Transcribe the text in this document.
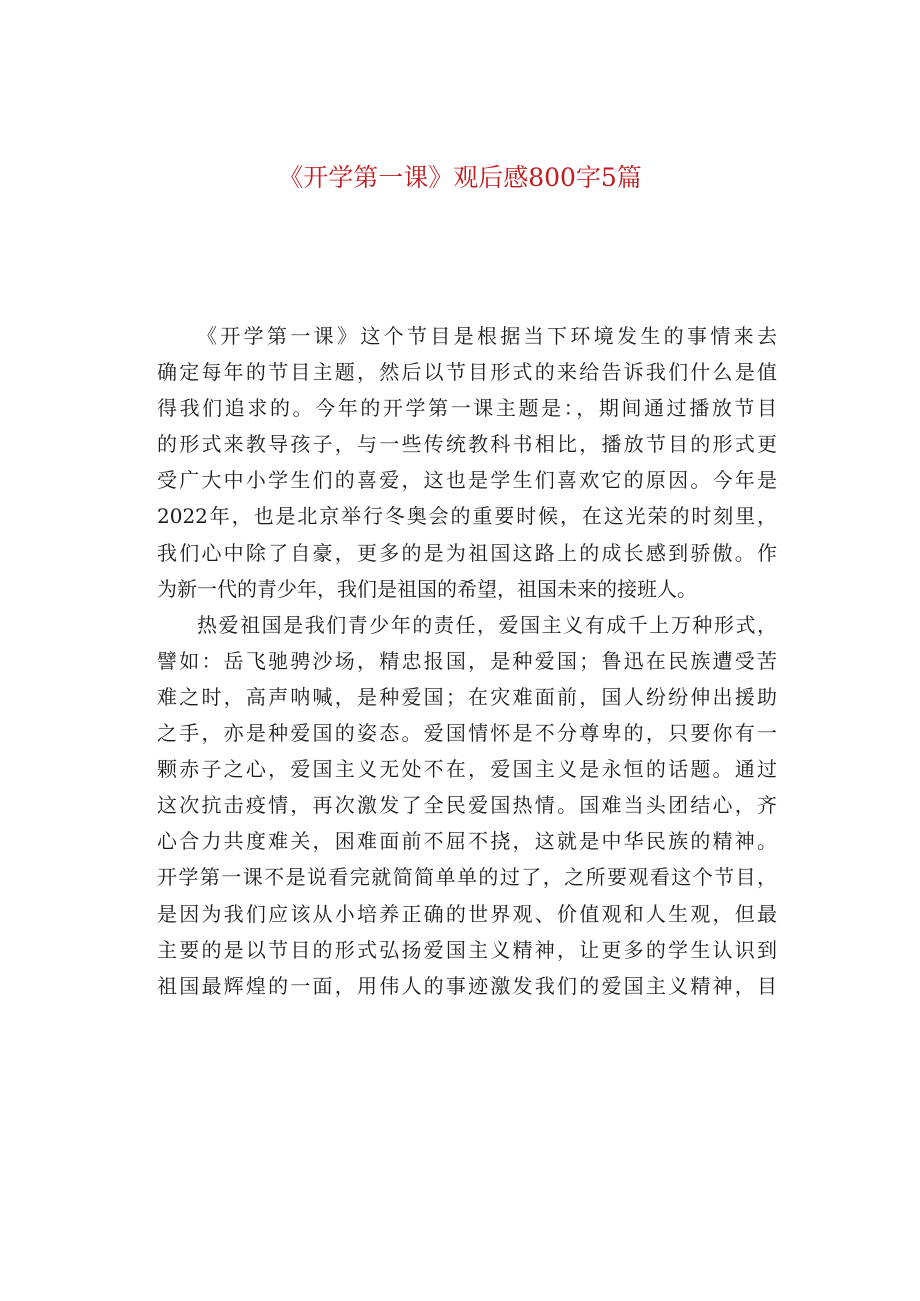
《开学第一课》观后感800字5篇
《开学第一课》这个节目是根据当下环境发生的事情来去
确定每年的节目主题，然后以节目形式的来给告诉我们什么是值
得我们追求的。今年的开学第一课主题是：，期间通过播放节目
的形式来教导孩子，与一些传统教科书相比，播放节目的形式更
受广大中小学生们的喜爱，这也是学生们喜欢它的原因。今年是
2022年，也是北京举行冬奥会的重要时候，在这光荣的时刻里，
我们心中除了自豪，更多的是为祖国这路上的成长感到骄傲。作
为新一代的青少年，我们是祖国的希望，祖国未来的接班人。
热爱祖国是我们青少年的责任，爱国主义有成千上万种形式，
譬如：岳飞驰骋沙场，精忠报国，是种爱国；鲁迅在民族遭受苦
难之时，高声呐喊，是种爱国；在灾难面前，国人纷纷伸出援助
之手，亦是种爱国的姿态。爱国情怀是不分尊卑的，只要你有一
颗赤子之心，爱国主义无处不在，爱国主义是永恒的话题。通过
这次抗击疫情，再次激发了全民爱国热情。国难当头团结心，齐
心合力共度难关，困难面前不屈不挠，这就是中华民族的精神。
开学第一课不是说看完就简简单单的过了，之所要观看这个节目，
是因为我们应该从小培养正确的世界观、价值观和人生观，但最
主要的是以节目的形式弘扬爱国主义精神，让更多的学生认识到
祖国最辉煌的一面，用伟人的事迹激发我们的爱国主义精神，目
